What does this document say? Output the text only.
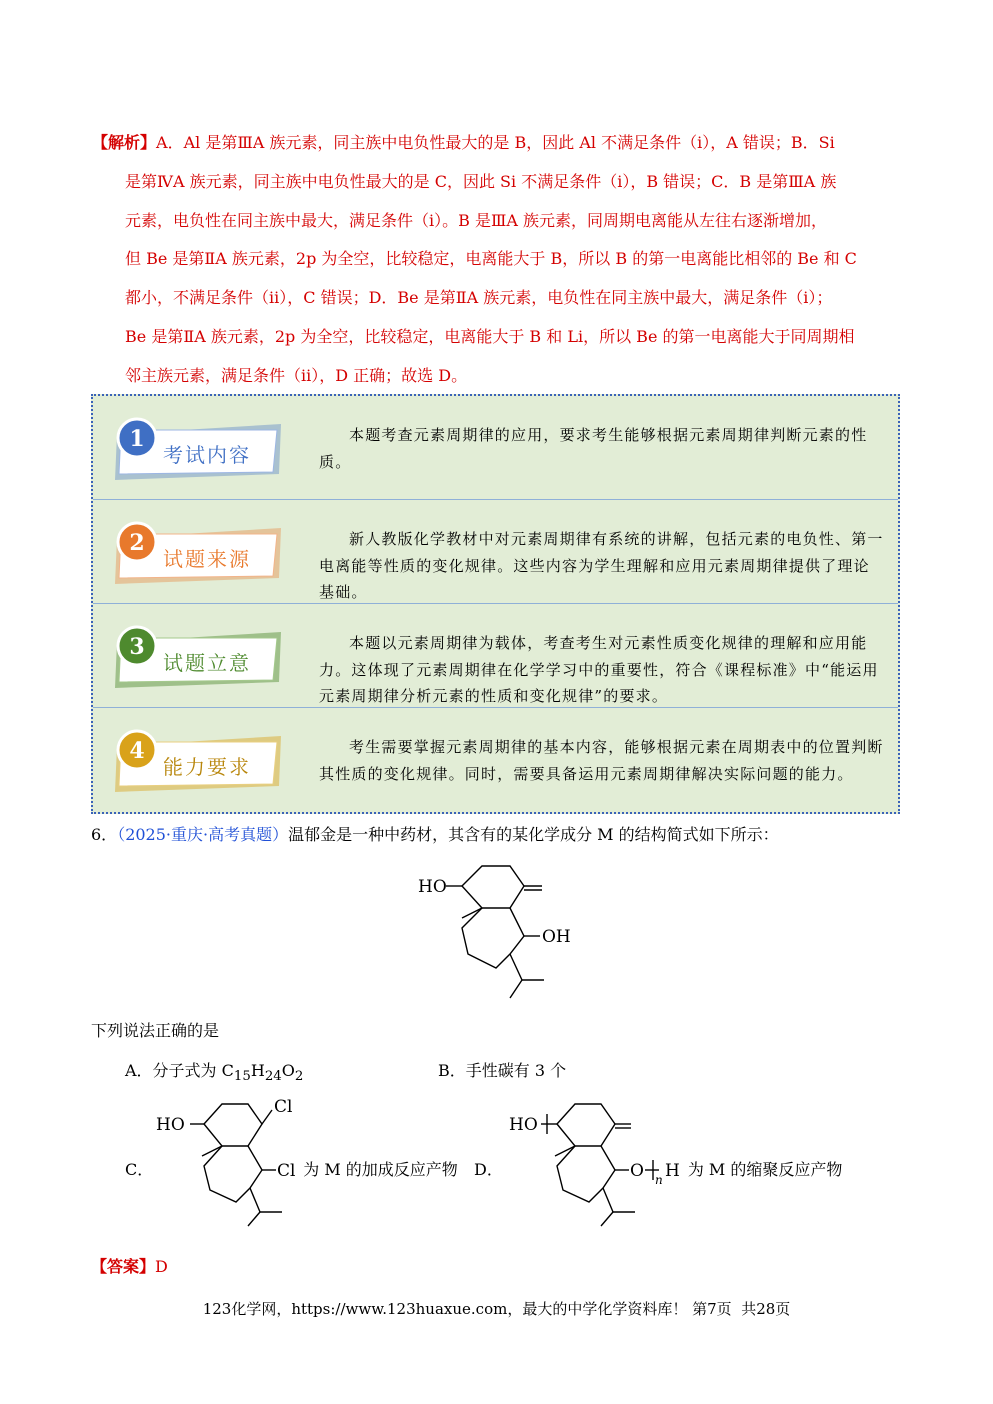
【解析】A．Al 是第ⅢA 族元素，同主族中电负性最大的是 B，因此 Al 不满足条件（i），A 错误；B．Si
是第ⅣA 族元素，同主族中电负性最大的是 C，因此 Si 不满足条件（i），B 错误；C．B 是第ⅢA 族
元素，电负性在同主族中最大，满足条件（i）。B 是ⅢA 族元素，同周期电离能从左往右逐渐增加，
但 Be 是第ⅡA 族元素，2p 为全空，比较稳定，电离能大于 B，所以 B 的第一电离能比相邻的 Be 和 C
都小，不满足条件（ii），C 错误；D．Be 是第ⅡA 族元素，电负性在同主族中最大，满足条件（i）；
Be 是第ⅡA 族元素，2p 为全空，比较稳定，电离能大于 B 和 Li，所以 Be 的第一电离能大于同周期相
邻主族元素，满足条件（ii），D 正确；故选 D。
1
考试内容
本题考查元素周期律的应用，要求考生能够根据元素周期律判断元素的性质。
2
试题来源
新人教版化学教材中对元素周期律有系统的讲解，包括元素的电负性、第一电离能等性质的变化规律。这些内容为学生理解和应用元素周期律提供了理论基础。
3
试题立意
本题以元素周期律为载体，考查考生对元素性质变化规律的理解和应用能力。这体现了元素周期律在化学学习中的重要性，符合《课程标准》中“能运用元素周期律分析元素的性质和变化规律”的要求。
4
能力要求
考生需要掌握元素周期律的基本内容，能够根据元素在周期表中的位置判断其性质的变化规律。同时，需要具备运用元素周期律解决实际问题的能力。
6．（2025·重庆·高考真题）温郁金是一种中药材，其含有的某化学成分 M 的结构简式如下所示：
HO
OH
下列说法正确的是
A．分子式为 $C_{15}H_{24}O_2$	B．手性碳有 3 个
C．	为 M 的加成反应产物
HO
Cl
Cl	D．	为 M 的缩聚反应产物
HO
O n H
【答案】D
123化学网，https://www.123huaxue.com，最大的中学化学资料库！ 第7页  共28页
